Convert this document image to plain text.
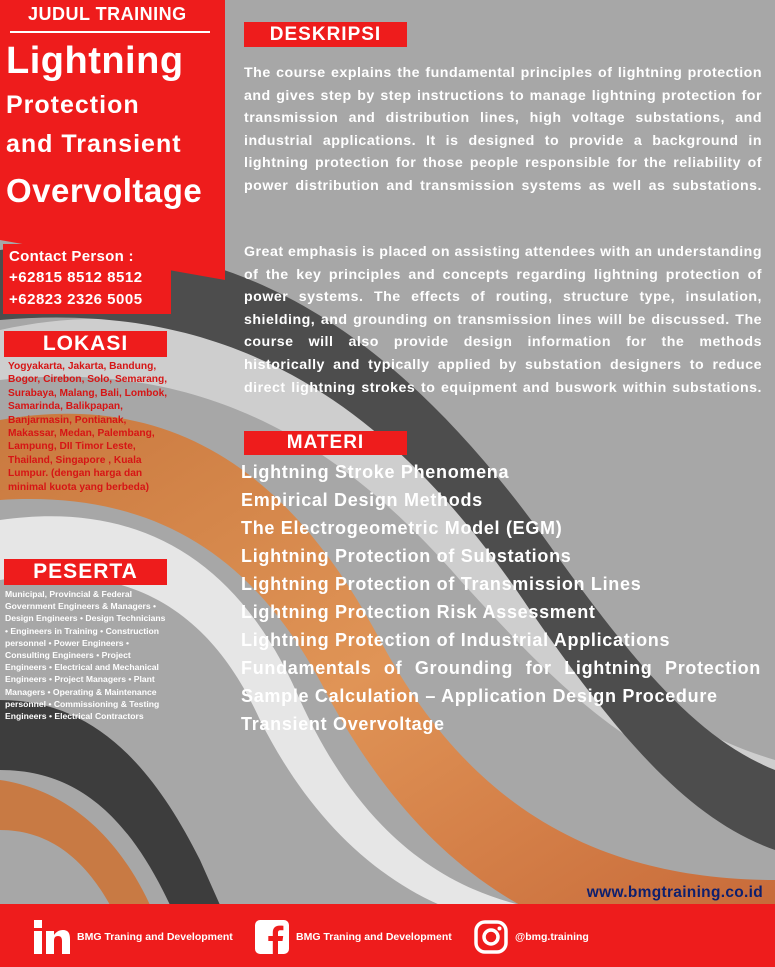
JUDUL TRAINING
Lightning
Protection
and Transient
Overvoltage
Contact Person :
+62815 8512 8512
+62823 2326 5005
LOKASI
Yogyakarta, Jakarta, Bandung, Bogor, Cirebon, Solo, Semarang, Surabaya, Malang, Bali, Lombok, Samarinda, Balikpapan, Banjarmasin, Pontianak, Makassar, Medan, Palembang, Lampung, DII Timor Leste, Thailand, Singapore , Kuala Lumpur. (dengan harga dan minimal kuota yang berbeda)
PESERTA
Municipal, Provincial & Federal Government Engineers & Managers • Design Engineers • Design Technicians • Engineers in Training • Construction personnel • Power Engineers • Consulting Engineers • Project Engineers • Electrical and Mechanical Engineers • Project Managers • Plant Managers • Operating & Maintenance personnel • Commissioning & Testing Engineers • Electrical Contractors
DESKRIPSI
The course explains the fundamental principles of lightning protection and gives step by step instructions to manage lightning protection for transmission and distribution lines, high voltage substations, and industrial applications. It is designed to provide a background in lightning protection for those people responsible for the reliability of power distribution and transmission systems as well as substations.
Great emphasis is placed on assisting attendees with an understanding of the key principles and concepts regarding lightning protection of power systems. The effects of routing, structure type, insulation, shielding, and grounding on transmission lines will be discussed. The course will also provide design information for the methods historically and typically applied by substation designers to reduce direct lightning strokes to equipment and buswork within substations.
MATERI
Lightning Stroke Phenomena
Empirical Design Methods
The Electrogeometric Model (EGM)
Lightning Protection of Substations
Lightning Protection of Transmission Lines
Lightning Protection Risk Assessment
Lightning Protection of Industrial Applications
Fundamentals of Grounding for Lightning Protection
Sample Calculation – Application Design Procedure
Transient Overvoltage
www.bmgtraining.co.id
BMG Traning and Development	BMG Traning and Development	@bmg.training
